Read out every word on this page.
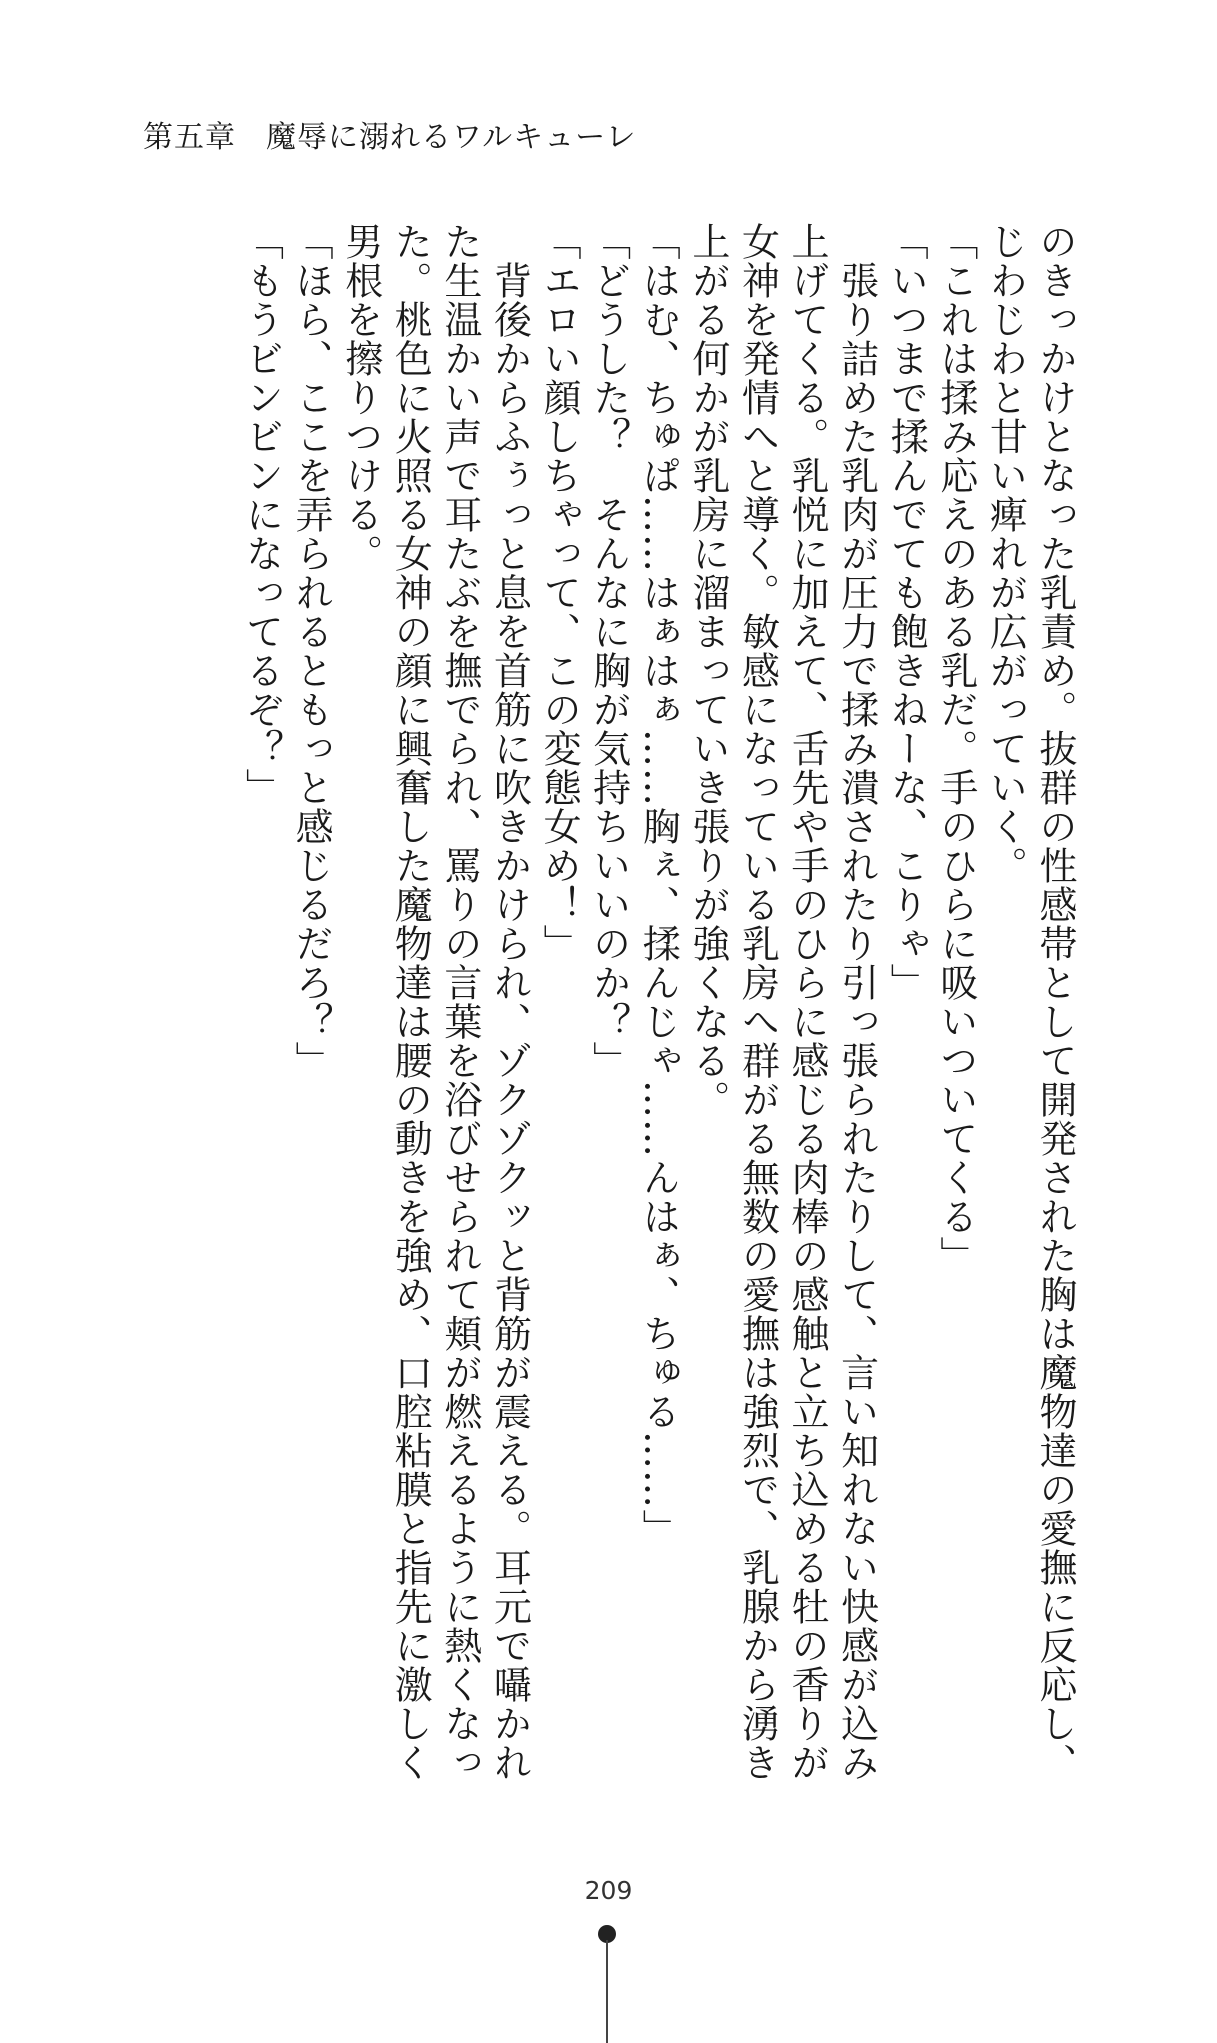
第五章 魔辱に溺れるワルキューレ
のきっかけとなった乳責め。抜群の性感帯として開発された胸は魔物達の愛撫に反応し、
じわじわと甘い痺れが広がっていく。
「これは揉み応えのある乳だ。手のひらに吸いついてくる」
「いつまで揉んでても飽きねーな、こりゃ」
　張り詰めた乳肉が圧力で揉み潰されたり引っ張られたりして、言い知れない快感が込み
上げてくる。乳悦に加えて、舌先や手のひらに感じる肉棒の感触と立ち込める牡の香りが
女神を発情へと導く。敏感になっている乳房へ群がる無数の愛撫は強烈で、乳腺から湧き
上がる何かが乳房に溜まっていき張りが強くなる。
「はむ、ちゅぱ……はぁはぁ……胸ぇ、揉んじゃ……んはぁ、ちゅる……」
「どうした？　そんなに胸が気持ちいいのか？」
「エロい顔しちゃって、この変態女め！」
　背後からふぅっと息を首筋に吹きかけられ、ゾクゾクッと背筋が震える。耳元で囁かれ
た生温かい声で耳たぶを撫でられ、罵りの言葉を浴びせられて頬が燃えるように熱くなっ
た。桃色に火照る女神の顔に興奮した魔物達は腰の動きを強め、口腔粘膜と指先に激しく
男根を擦りつける。
「ほら、ここを弄られるともっと感じるだろ？」
「もうビンビンになってるぞ？」
209
